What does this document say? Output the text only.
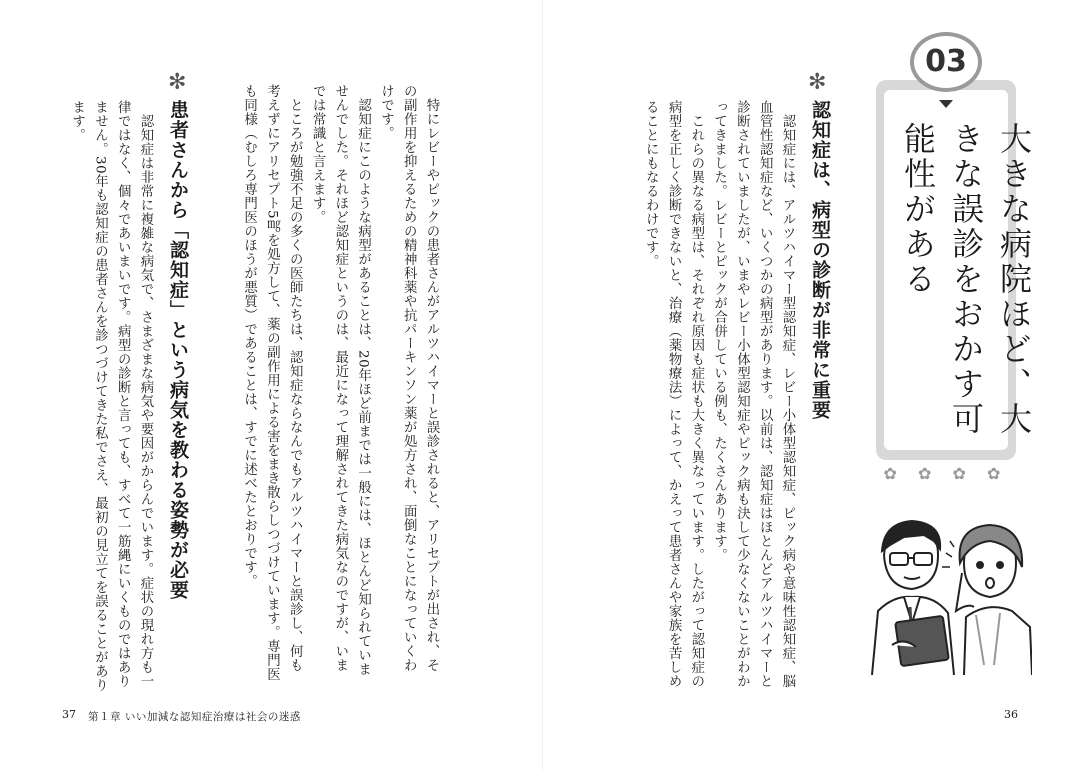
03
大きな病院ほど、大きな誤診をおかす可能性がある
✿ ✿ ✿ ✿
✻
認知症は、病型の診断が非常に重要
　認知症には、アルツハイマー型認知症、レビー小体型認知症、ピック病や意味性認知症、脳血管性認知症など、いくつかの病型があります。以前は、認知症はほとんどアルツハイマーと診断されていましたが、いまやレビー小体型認知症やピック病も決して少なくないことがわかってきました。レビーとピックが合併している例も、たくさんあります。
　これらの異なる病型は、それぞれ原因も症状も大きく異なっています。したがって認知症の病型を正しく診断できないと、治療（薬物療法）によって、かえって患者さんや家族を苦しめることにもなるわけです。
36
　特にレビーやピックの患者さんがアルツハイマーと誤診されると、アリセプトが出され、その副作用を抑えるための精神科薬や抗パーキンソン薬が処方され、面倒なことになっていくわけです。
　認知症にこのような病型があることは、20年ほど前までは一般には、ほとんど知られていませんでした。それほど認知症というのは、最近になって理解されてきた病気なのですが、いまでは常識と言えます。
　ところが勉強不足の多くの医師たちは、認知症ならなんでもアルツハイマーと誤診し、何も考えずにアリセプト5㎎を処方して、薬の副作用による害をまき散らしつづけています。専門医も同様（むしろ専門医のほうが悪質）であることは、すでに述べたとおりです。
✻
患者さんから「認知症」という病気を教わる姿勢が必要
　認知症は非常に複雑な病気で、さまざまな病気や要因がからんでいます。症状の現れ方も一律ではなく、個々であいまいです。病型の診断と言っても、すべて一筋縄にいくものではありません。30年も認知症の患者さんを診つづけてきた私でさえ、最初の見立てを誤ることがあります。
37 第１章 いい加減な認知症治療は社会の迷惑
